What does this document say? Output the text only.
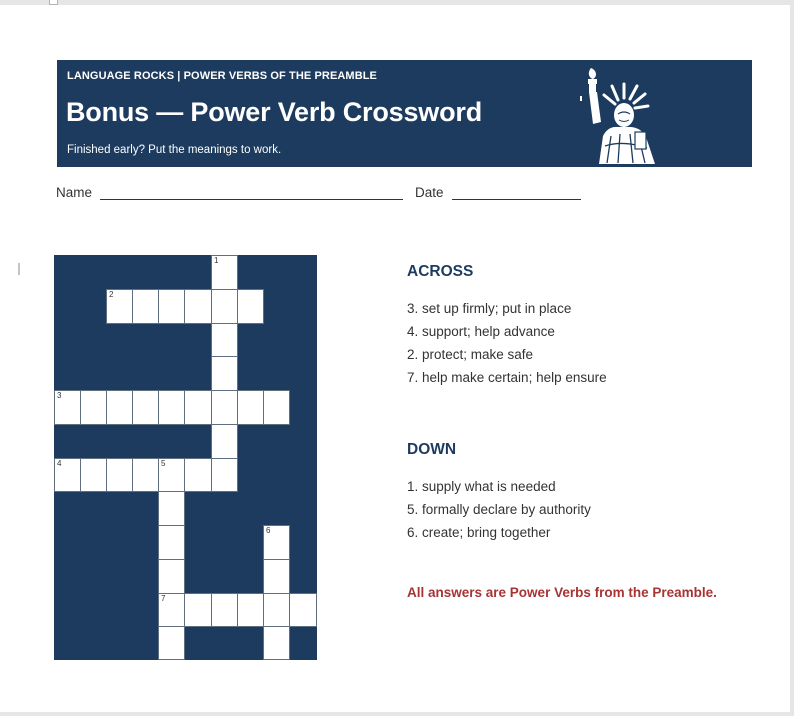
LANGUAGE ROCKS | POWER VERBS OF THE PREAMBLE
Bonus — Power Verb Crossword
Finished early? Put the meanings to work.
Name	Date
1
2
3
4	5
6
7
ACROSS
3. set up firmly; put in place
4. support; help advance
2. protect; make safe
7. help make certain; help ensure
DOWN
1. supply what is needed
5. formally declare by authority
6. create; bring together
All answers are Power Verbs from the Preamble.
